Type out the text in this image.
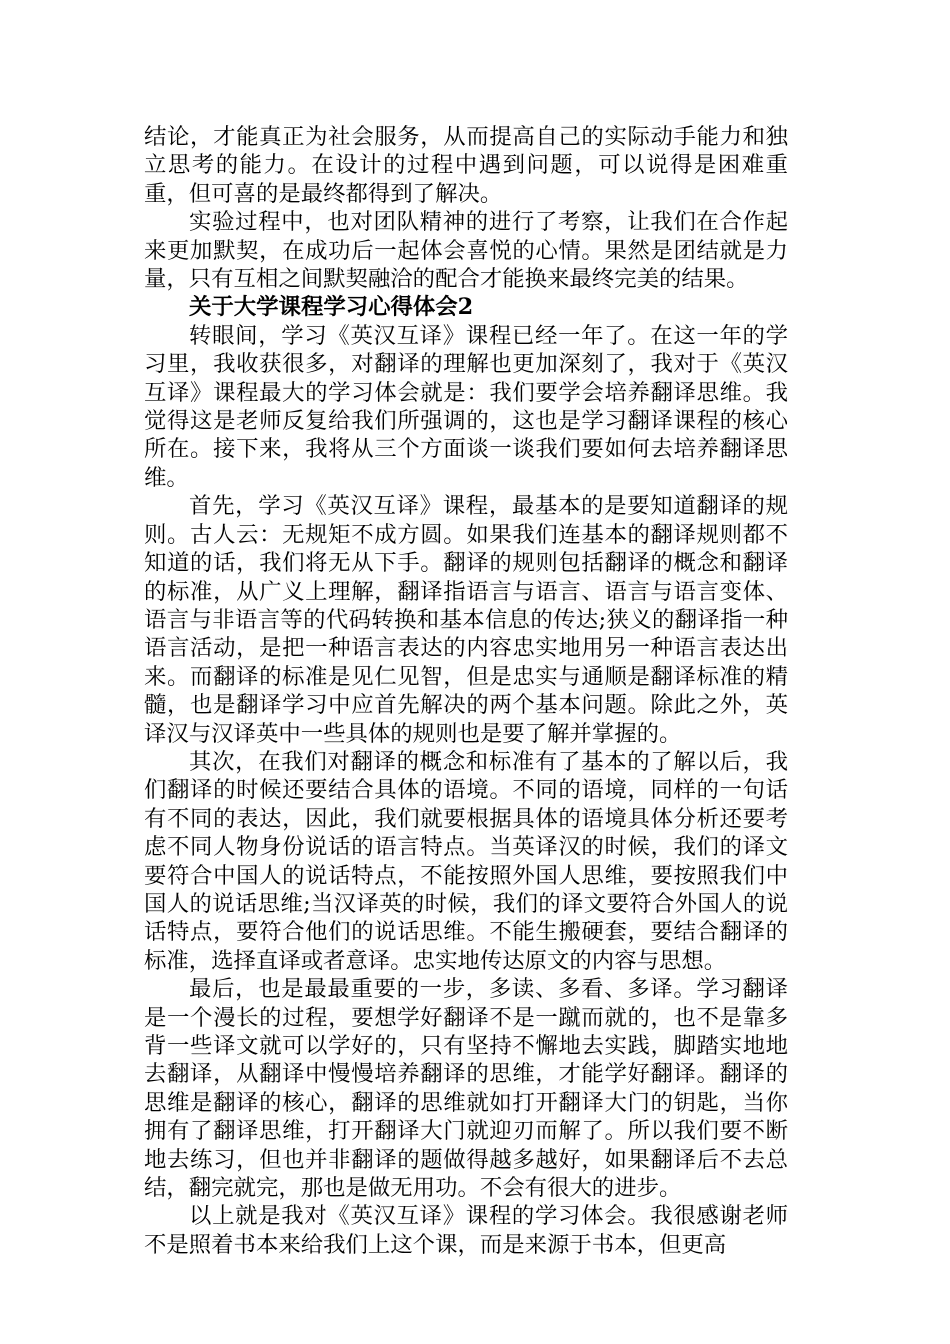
结论，才能真正为社会服务，从而提高自己的实际动手能力和独立思考的能力。在设计的过程中遇到问题，可以说得是困难重重，但可喜的是最终都得到了解决。

实验过程中，也对团队精神的进行了考察，让我们在合作起来更加默契，在成功后一起体会喜悦的心情。果然是团结就是力量，只有互相之间默契融洽的配合才能换来最终完美的结果。

关于大学课程学习心得体会2

转眼间，学习《英汉互译》课程已经一年了。在这一年的学习里，我收获很多，对翻译的理解也更加深刻了，我对于《英汉互译》课程最大的学习体会就是：我们要学会培养翻译思维。我觉得这是老师反复给我们所强调的，这也是学习翻译课程的核心所在。接下来，我将从三个方面谈一谈我们要如何去培养翻译思维。

首先，学习《英汉互译》课程，最基本的是要知道翻译的规则。古人云：无规矩不成方圆。如果我们连基本的翻译规则都不知道的话，我们将无从下手。翻译的规则包括翻译的概念和翻译的标准，从广义上理解，翻译指语言与语言、语言与语言变体、语言与非语言等的代码转换和基本信息的传达;狭义的翻译指一种语言活动，是把一种语言表达的内容忠实地用另一种语言表达出来。而翻译的标准是见仁见智，但是忠实与通顺是翻译标准的精髓，也是翻译学习中应首先解决的两个基本问题。除此之外，英译汉与汉译英中一些具体的规则也是要了解并掌握的。

其次，在我们对翻译的概念和标准有了基本的了解以后，我们翻译的时候还要结合具体的语境。不同的语境，同样的一句话有不同的表达，因此，我们就要根据具体的语境具体分析还要考虑不同人物身份说话的语言特点。当英译汉的时候，我们的译文要符合中国人的说话特点，不能按照外国人思维，要按照我们中国人的说话思维;当汉译英的时候，我们的译文要符合外国人的说话特点，要符合他们的说话思维。不能生搬硬套，要结合翻译的标准，选择直译或者意译。忠实地传达原文的内容与思想。

最后，也是最最重要的一步，多读、多看、多译。学习翻译是一个漫长的过程，要想学好翻译不是一蹴而就的，也不是靠多背一些译文就可以学好的，只有坚持不懈地去实践，脚踏实地地去翻译，从翻译中慢慢培养翻译的思维，才能学好翻译。翻译的思维是翻译的核心，翻译的思维就如打开翻译大门的钥匙，当你拥有了翻译思维，打开翻译大门就迎刃而解了。所以我们要不断地去练习，但也并非翻译的题做得越多越好，如果翻译后不去总结，翻完就完，那也是做无用功。不会有很大的进步。

以上就是我对《英汉互译》课程的学习体会。我很感谢老师不是照着书本来给我们上这个课，而是来源于书本，但更高
